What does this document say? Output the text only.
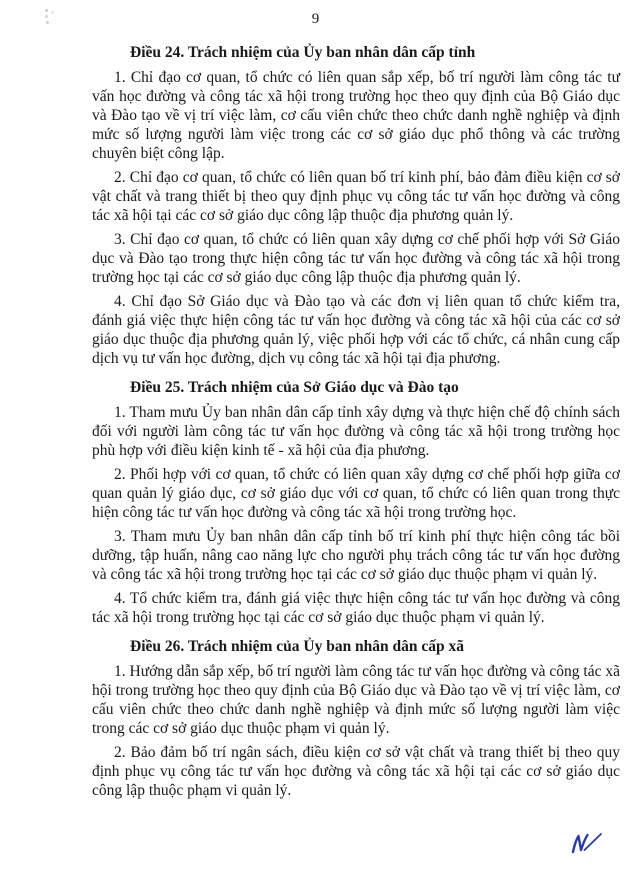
9
Điều 24. Trách nhiệm của Ủy ban nhân dân cấp tỉnh

1. Chỉ đạo cơ quan, tổ chức có liên quan sắp xếp, bố trí người làm công tác tư vấn học đường và công tác xã hội trong trường học theo quy định của Bộ Giáo dục và Đào tạo về vị trí việc làm, cơ cấu viên chức theo chức danh nghề nghiệp và định mức số lượng người làm việc trong các cơ sở giáo dục phổ thông và các trường chuyên biệt công lập.

2. Chỉ đạo cơ quan, tổ chức có liên quan bố trí kinh phí, bảo đảm điều kiện cơ sở vật chất và trang thiết bị theo quy định phục vụ công tác tư vấn học đường và công tác xã hội tại các cơ sở giáo dục công lập thuộc địa phương quản lý.

3. Chỉ đạo cơ quan, tổ chức có liên quan xây dựng cơ chế phối hợp với Sở Giáo dục và Đào tạo trong thực hiện công tác tư vấn học đường và công tác xã hội trong trường học tại các cơ sở giáo dục công lập thuộc địa phương quản lý.

4. Chỉ đạo Sở Giáo dục và Đào tạo và các đơn vị liên quan tổ chức kiểm tra, đánh giá việc thực hiện công tác tư vấn học đường và công tác xã hội của các cơ sở giáo dục thuộc địa phương quản lý, việc phối hợp với các tổ chức, cá nhân cung cấp dịch vụ tư vấn học đường, dịch vụ công tác xã hội tại địa phương.

Điều 25. Trách nhiệm của Sở Giáo dục và Đào tạo

1. Tham mưu Ủy ban nhân dân cấp tỉnh xây dựng và thực hiện chế độ chính sách đối với người làm công tác tư vấn học đường và công tác xã hội trong trường học phù hợp với điều kiện kinh tế - xã hội của địa phương.

2. Phối hợp với cơ quan, tổ chức có liên quan xây dựng cơ chế phối hợp giữa cơ quan quản lý giáo dục, cơ sở giáo dục với cơ quan, tổ chức có liên quan trong thực hiện công tác tư vấn học đường và công tác xã hội trong trường học.

3. Tham mưu Ủy ban nhân dân cấp tỉnh bố trí kinh phí thực hiện công tác bồi dưỡng, tập huấn, nâng cao năng lực cho người phụ trách công tác tư vấn học đường và công tác xã hội trong trường học tại các cơ sở giáo dục thuộc phạm vi quản lý.

4. Tổ chức kiểm tra, đánh giá việc thực hiện công tác tư vấn học đường và công tác xã hội trong trường học tại các cơ sở giáo dục thuộc phạm vi quản lý.

Điều 26. Trách nhiệm của Ủy ban nhân dân cấp xã

1. Hướng dẫn sắp xếp, bố trí người làm công tác tư vấn học đường và công tác xã hội trong trường học theo quy định của Bộ Giáo dục và Đào tạo về vị trí việc làm, cơ cấu viên chức theo chức danh nghề nghiệp và định mức số lượng người làm việc trong các cơ sở giáo dục thuộc phạm vi quản lý.

2. Bảo đảm bố trí ngân sách, điều kiện cơ sở vật chất và trang thiết bị theo quy định phục vụ công tác tư vấn học đường và công tác xã hội tại các cơ sở giáo dục công lập thuộc phạm vi quản lý.
